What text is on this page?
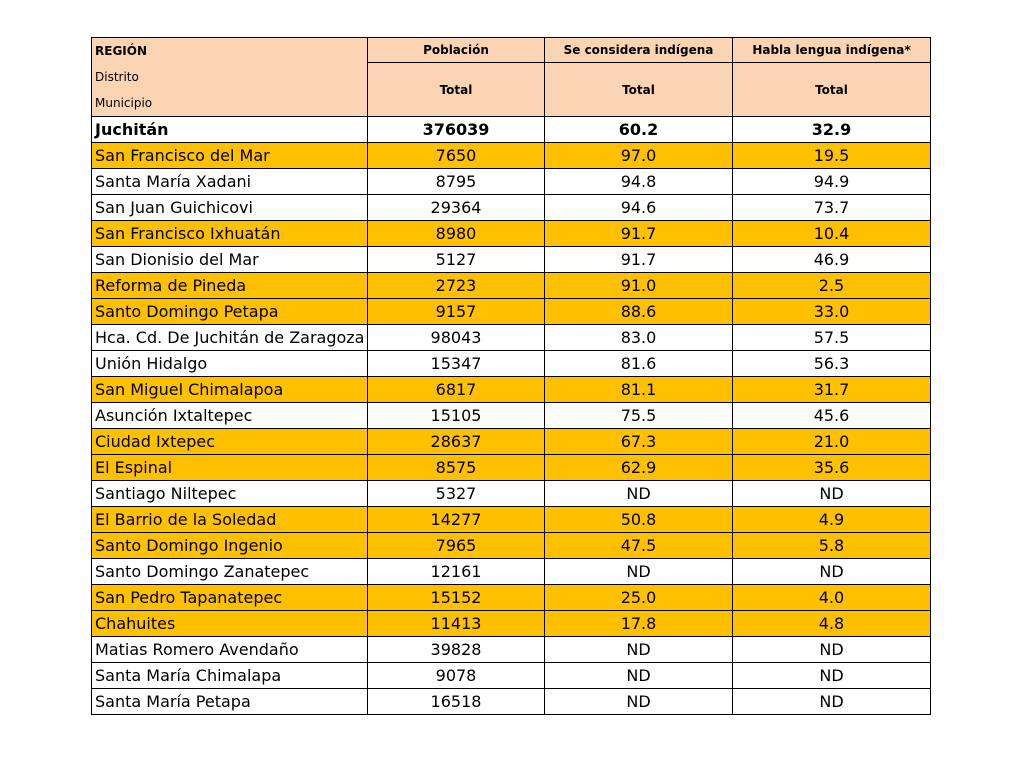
REGIÓN
Distrito
Municipio	Población	Se considera indígena	Habla lengua indígena*
	Total	Total	Total
Juchitán	376039	60.2	32.9
San Francisco del Mar	7650	97.0	19.5
Santa María Xadani	8795	94.8	94.9
San Juan Guichicovi	29364	94.6	73.7
San Francisco Ixhuatán	8980	91.7	10.4
San Dionisio del Mar	5127	91.7	46.9
Reforma de Pineda	2723	91.0	2.5
Santo Domingo Petapa	9157	88.6	33.0
Hca. Cd. De Juchitán de Zaragoza	98043	83.0	57.5
Unión Hidalgo	15347	81.6	56.3
San Miguel Chimalapoa	6817	81.1	31.7
Asunción Ixtaltepec	15105	75.5	45.6
Ciudad Ixtepec	28637	67.3	21.0
El Espinal	8575	62.9	35.6
Santiago Niltepec	5327	ND	ND
El Barrio de la Soledad	14277	50.8	4.9
Santo Domingo Ingenio	7965	47.5	5.8
Santo Domingo Zanatepec	12161	ND	ND
San Pedro Tapanatepec	15152	25.0	4.0
Chahuites	11413	17.8	4.8
Matias Romero Avendaño	39828	ND	ND
Santa María Chimalapa	9078	ND	ND
Santa María Petapa	16518	ND	ND
